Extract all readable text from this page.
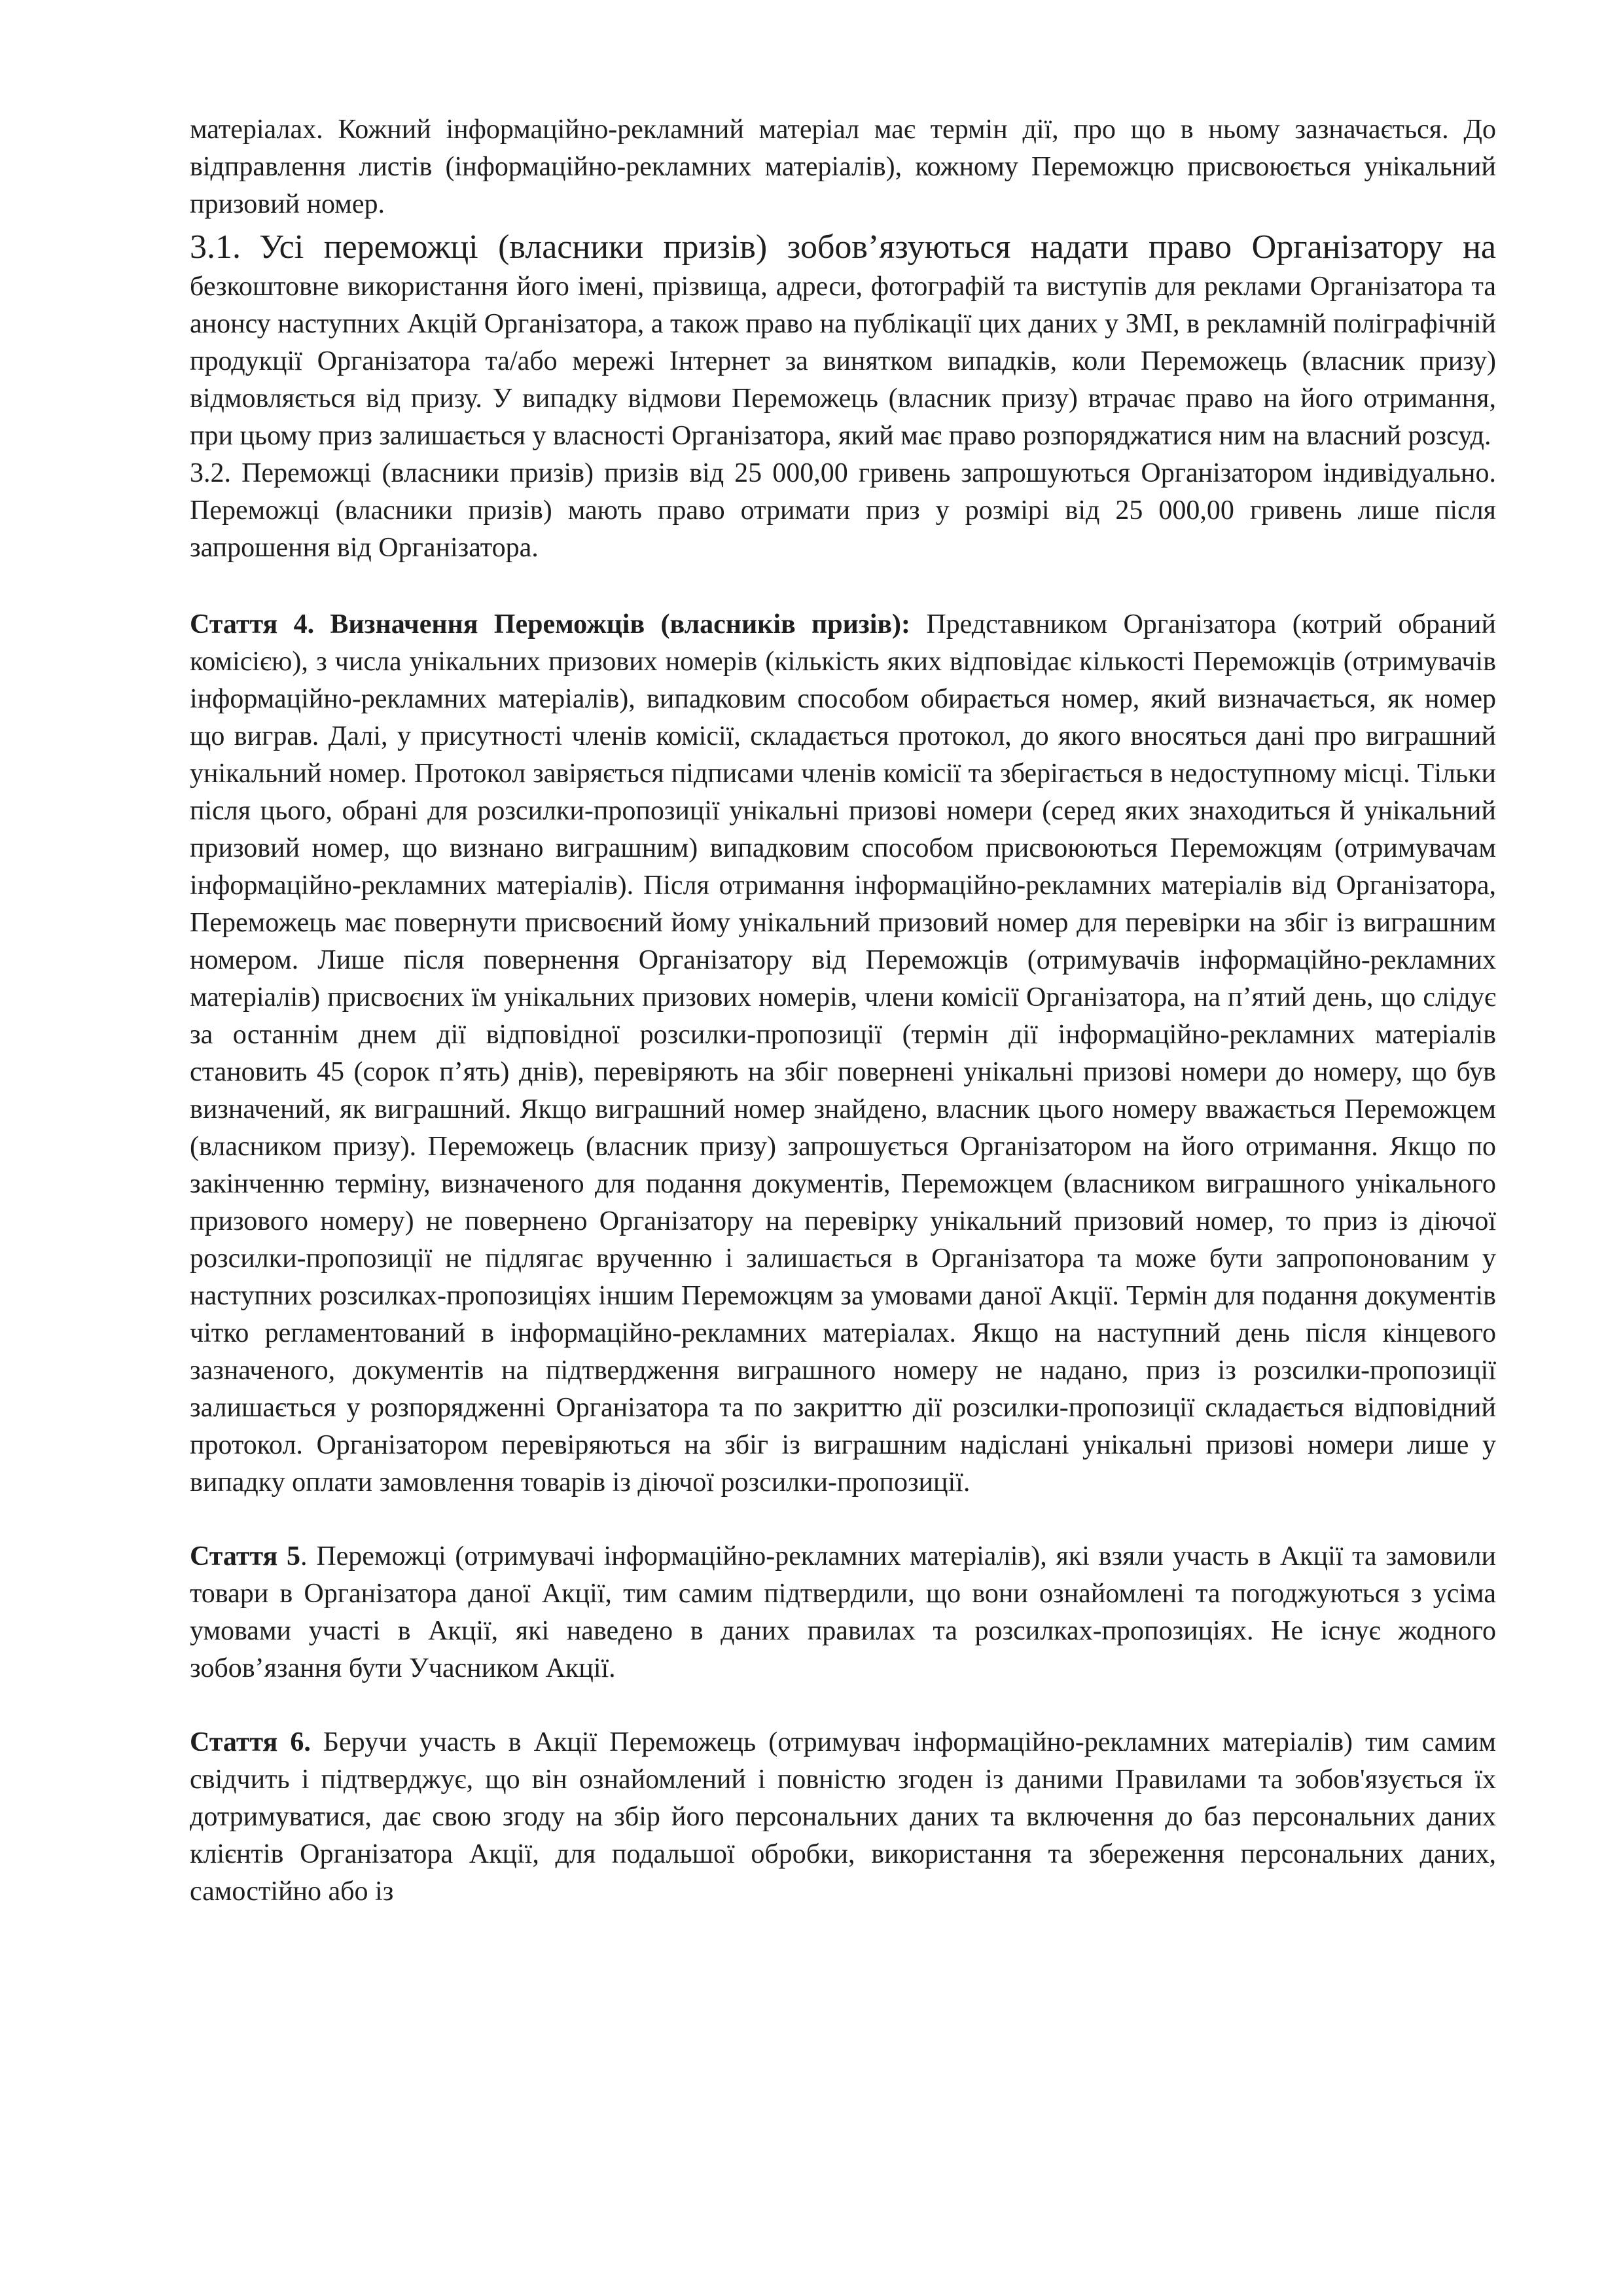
матеріалах. Кожний інформаційно-рекламний матеріал має термін дії, про що в ньому зазначається. До відправлення листів (інформаційно-рекламних матеріалів), кожному Переможцю присвоюється унікальний призовий номер.

3.1. Усі переможці (власники призів) зобов’язуються надати право Організатору на безкоштовне використання його імені, прізвища, адреси, фотографій та виступів для реклами Організатора та анонсу наступних Акцій Організатора, а також право на публікації цих даних у ЗМІ, в рекламній поліграфічній продукції Організатора та/або мережі Інтернет за винятком випадків, коли Переможець (власник призу) відмовляється від призу. У випадку відмови Переможець (власник призу) втрачає право на його отримання, при цьому приз залишається у власності Організатора, який має право розпоряджатися ним на власний розсуд.

3.2. Переможці (власники призів) призів від 25 000,00 гривень запрошуються Організатором індивідуально. Переможці (власники призів) мають право отримати приз у розмірі від 25 000,00 гривень лише після запрошення від Організатора.

Стаття 4. Визначення Переможців (власників призів): Представником Організатора (котрий обраний комісією), з числа унікальних призових номерів (кількість яких відповідає кількості Переможців (отримувачів інформаційно-рекламних матеріалів), випадковим способом обирається номер, який визначається, як номер що виграв. Далі, у присутності членів комісії, складається протокол, до якого вносяться дані про виграшний унікальний номер. Протокол завіряється підписами членів комісії та зберігається в недоступному місці. Тільки після цього, обрані для розсилки-пропозиції унікальні призові номери (серед яких знаходиться й унікальний призовий номер, що визнано виграшним) випадковим способом присвоюються Переможцям (отримувачам інформаційно-рекламних матеріалів). Після отримання інформаційно-рекламних матеріалів від Організатора, Переможець має повернути присвоєний йому унікальний призовий номер для перевірки на збіг із виграшним номером. Лише після повернення Організатору від Переможців (отримувачів інформаційно-рекламних матеріалів) присвоєних їм унікальних призових номерів, члени комісії Організатора, на п’ятий день, що слідує за останнім днем дії відповідної розсилки-пропозиції (термін дії інформаційно-рекламних матеріалів становить 45 (сорок п’ять) днів), перевіряють на збіг повернені унікальні призові номери до номеру, що був визначений, як виграшний. Якщо виграшний номер знайдено, власник цього номеру вважається Переможцем (власником призу). Переможець (власник призу) запрошується Організатором на його отримання. Якщо по закінченню терміну, визначеного для подання документів, Переможцем (власником виграшного унікального призового номеру) не повернено Організатору на перевірку унікальний призовий номер, то приз із діючої розсилки-пропозиції не підлягає врученню і залишається в Організатора та може бути запропонованим у наступних розсилках-пропозиціях іншим Переможцям за умовами даної Акції. Термін для подання документів чітко регламентований в інформаційно-рекламних матеріалах. Якщо на наступний день після кінцевого зазначеного, документів на підтвердження виграшного номеру не надано, приз із розсилки-пропозиції залишається у розпорядженні Організатора та по закриттю дії розсилки-пропозиції складається відповідний протокол. Організатором перевіряються на збіг із виграшним надіслані унікальні призові номери лише у випадку оплати замовлення товарів із діючої розсилки-пропозиції.

Стаття 5. Переможці (отримувачі інформаційно-рекламних матеріалів), які взяли участь в Акції та замовили товари в Організатора даної Акції, тим самим підтвердили, що вони ознайомлені та погоджуються з усіма умовами участі в Акції, які наведено в даних правилах та розсилках-пропозиціях. Не існує жодного зобов’язання бути Учасником Акції.

Стаття 6. Беручи участь в Акції Переможець (отримувач інформаційно-рекламних матеріалів) тим самим свідчить і підтверджує, що він ознайомлений і повністю згоден із даними Правилами та зобов'язується їх дотримуватися, дає свою згоду на збір його персональних даних та включення до баз персональних даних клієнтів Організатора Акції, для подальшої обробки, використання та збереження персональних даних, самостійно або із
